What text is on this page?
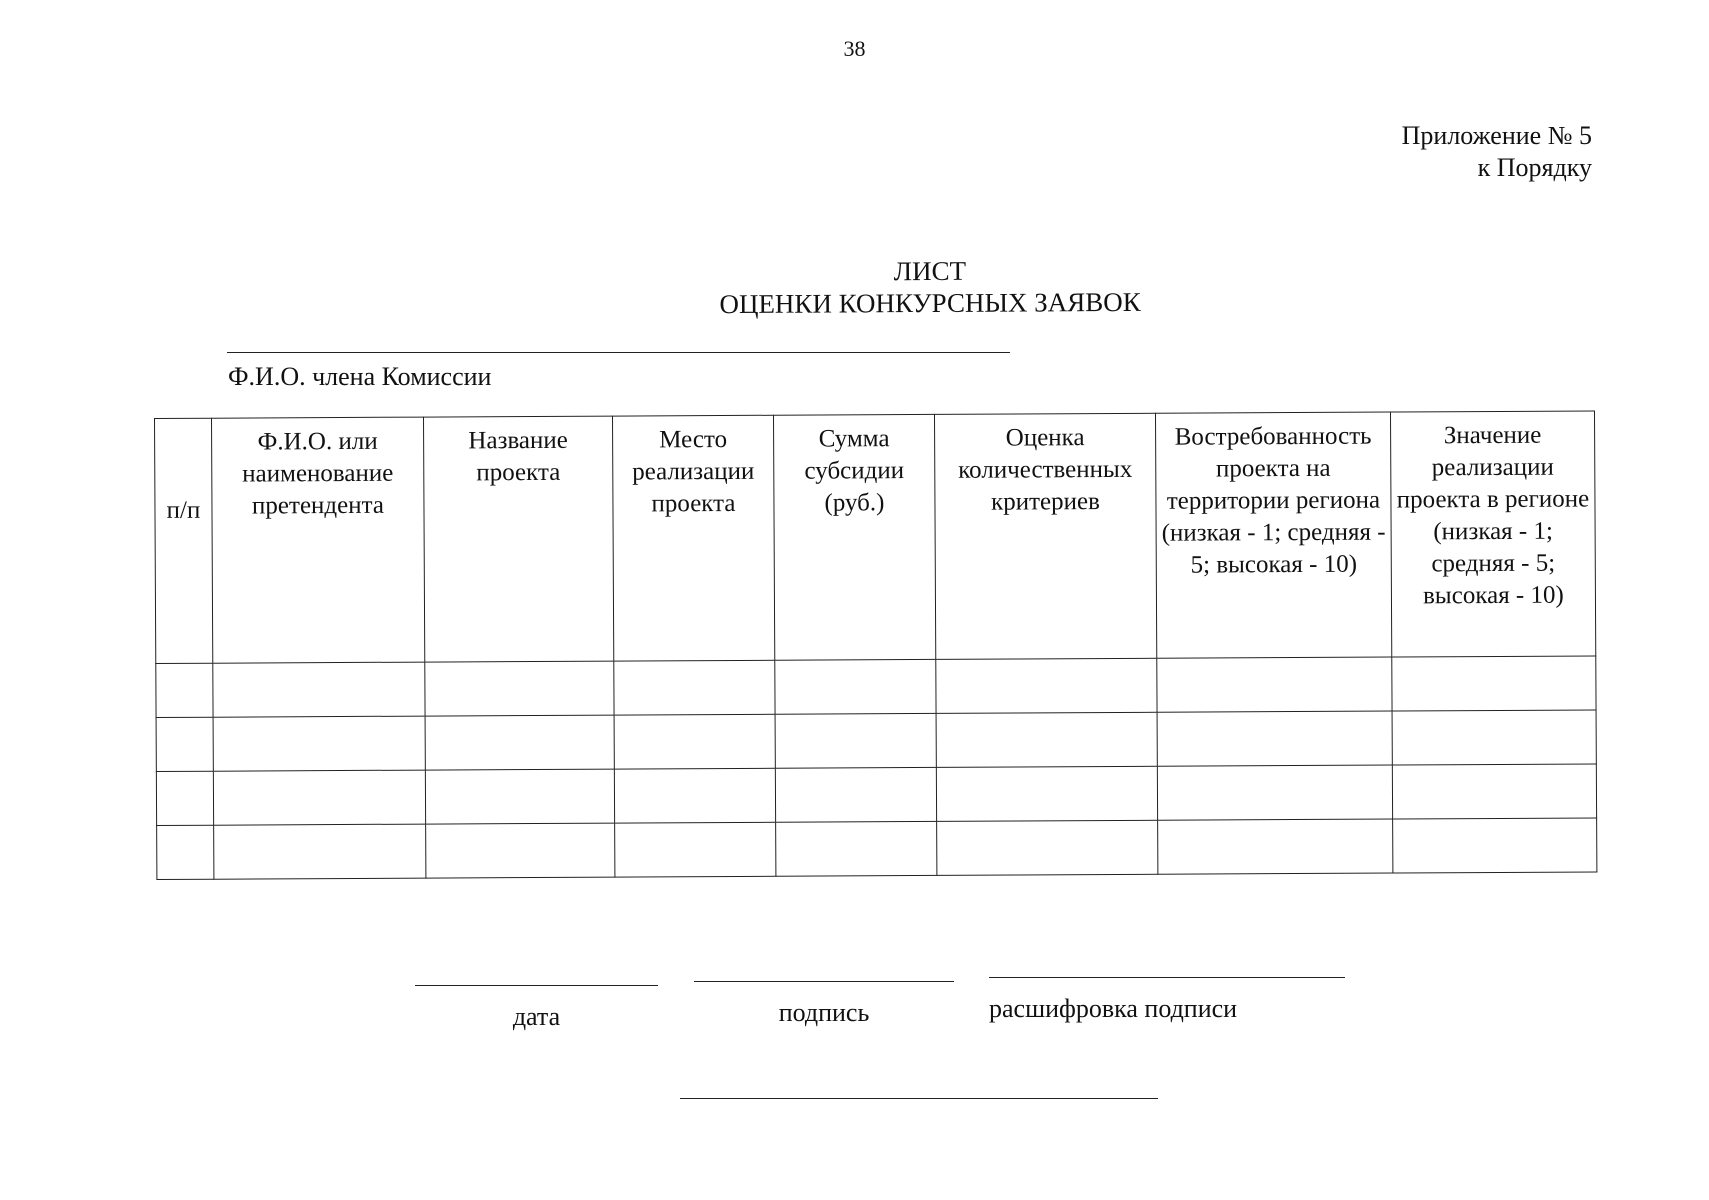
38
Приложение № 5
к Порядку
ЛИСТ
ОЦЕНКИ КОНКУРСНЫХ ЗАЯВОК
Ф.И.О. члена Комиссии
п/п	Ф.И.О. или наименование претендента	Название проекта	Место реализации проекта	Сумма субсидии (руб.)	Оценка количественных критериев	Востребованность проекта на территории региона (низкая - 1; средняя - 5; высокая - 10)	Значение реализации проекта в регионе (низкая - 1; средняя - 5; высокая - 10)

дата	подпись	расшифровка подписи
